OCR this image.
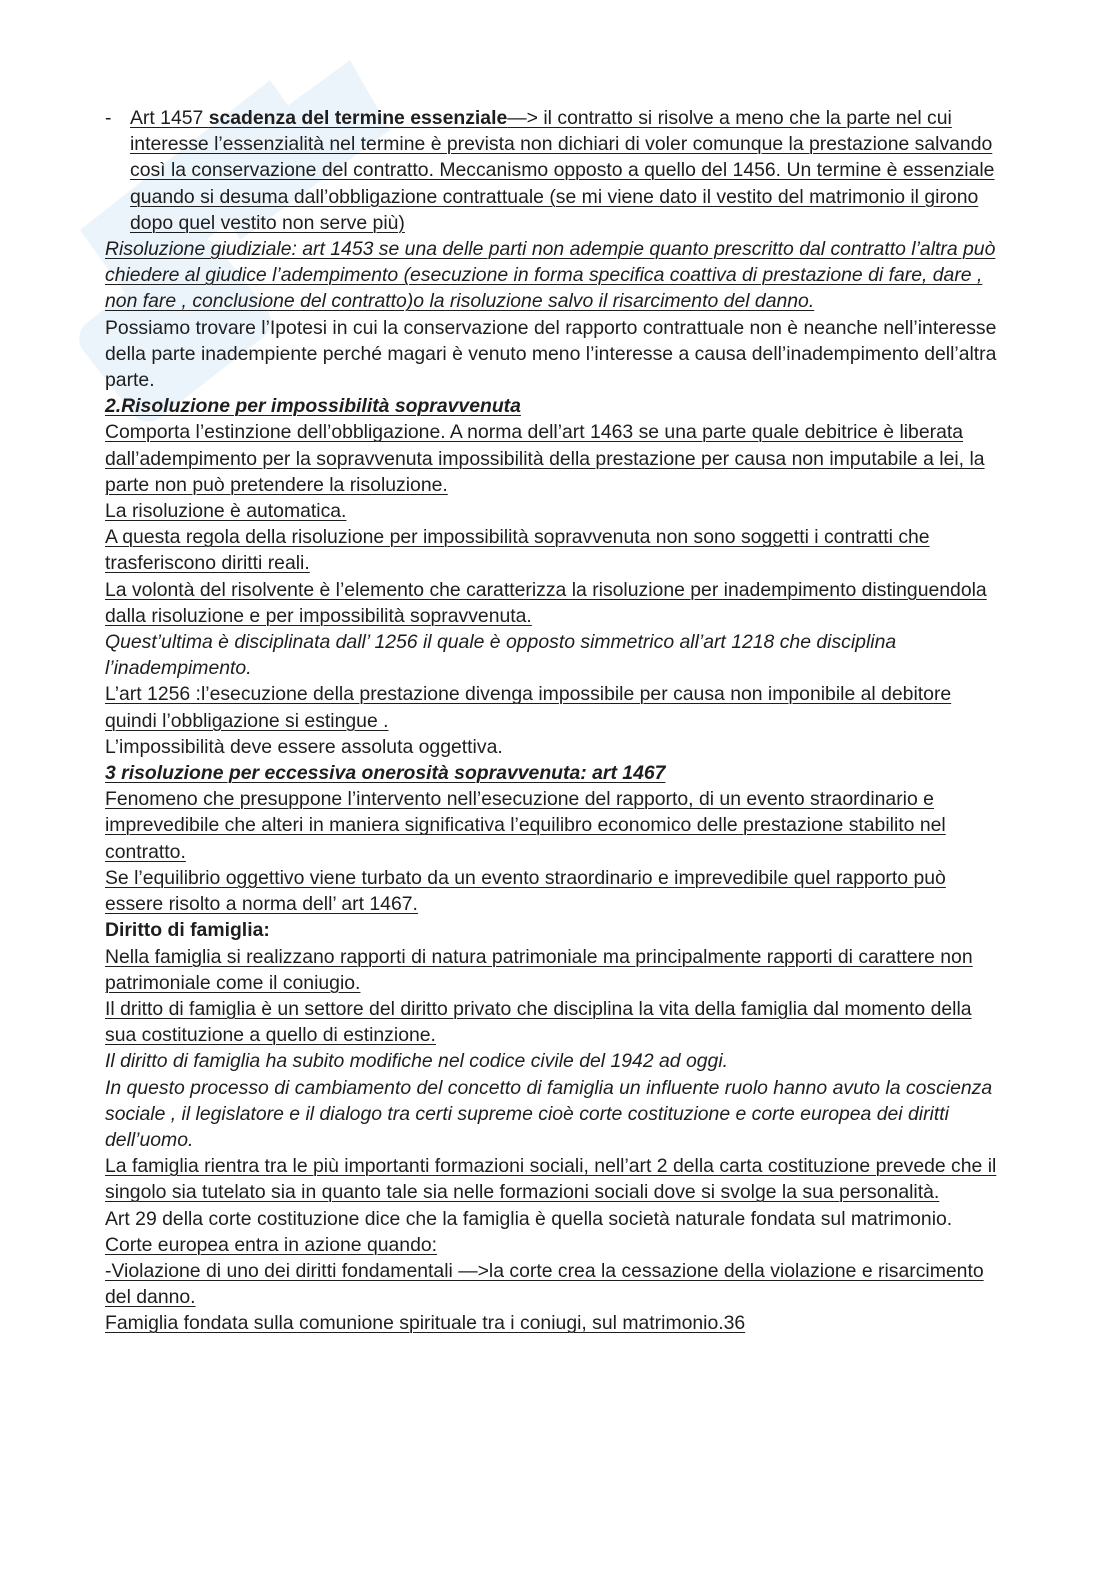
- Art 1457 scadenza del termine essenziale—> il contratto si risolve a meno che la parte nel cui interesse l’essenzialità nel termine è prevista non dichiari di voler comunque la prestazione salvando così la conservazione del contratto. Meccanismo opposto a quello del 1456. Un termine è essenziale quando si desuma dall’obbligazione contrattuale (se mi viene dato il vestito del matrimonio il girono dopo quel vestito non serve più)
Risoluzione giudiziale: art 1453 se una delle parti non adempie quanto prescritto dal contratto l’altra può chiedere al giudice l’adempimento (esecuzione in forma specifica coattiva di prestazione di fare, dare , non fare , conclusione del contratto)o la risoluzione salvo il risarcimento del danno.
Possiamo trovare l’Ipotesi in cui la conservazione del rapporto contrattuale non è neanche nell’interesse della parte inadempiente perché magari è venuto meno l’interesse a causa dell’inadempimento dell’altra parte.
2.Risoluzione per impossibilità sopravvenuta
Comporta l’estinzione dell’obbligazione. A norma dell’art 1463 se una parte quale debitrice è liberata dall’adempimento per la sopravvenuta impossibilità della prestazione per causa non imputabile a lei, la parte non può pretendere la risoluzione.
La risoluzione è automatica.
A questa regola della risoluzione per impossibilità sopravvenuta non sono soggetti i contratti che trasferiscono diritti reali.
La volontà del risolvente è l’elemento che caratterizza la risoluzione per inadempimento distinguendola dalla risoluzione e per impossibilità sopravvenuta.
Quest’ultima è disciplinata dall’ 1256 il quale è opposto simmetrico all’art 1218 che disciplina l’inadempimento.
L’art 1256 :l’esecuzione della prestazione divenga impossibile per causa non imponibile al debitore quindi l’obbligazione si estingue .
L’impossibilità deve essere assoluta oggettiva.
3 risoluzione per eccessiva onerosità sopravvenuta: art 1467
Fenomeno che presuppone l’intervento nell’esecuzione del rapporto, di un evento straordinario e imprevedibile che alteri in maniera significativa l’equilibro economico delle prestazione stabilito nel contratto.
Se l’equilibrio oggettivo viene turbato da un evento straordinario e imprevedibile quel rapporto può essere risolto a norma dell’ art 1467.
Diritto di famiglia:
Nella famiglia si realizzano rapporti di natura patrimoniale ma principalmente rapporti di carattere non patrimoniale come il coniugio.
Il dritto di famiglia è un settore del diritto privato che disciplina la vita della famiglia dal momento della sua costituzione a quello di estinzione.
Il diritto di famiglia ha subito modifiche nel codice civile del 1942 ad oggi.
In questo processo di cambiamento del concetto di famiglia un influente ruolo hanno avuto la coscienza sociale , il legislatore e il dialogo tra certi supreme cioè corte costituzione e corte europea dei diritti dell’uomo.
La famiglia rientra tra le più importanti formazioni sociali, nell’art 2 della carta costituzione prevede che il singolo sia tutelato sia in quanto tale sia nelle formazioni sociali dove si svolge la sua personalità.
Art 29 della corte costituzione dice che la famiglia è quella società naturale fondata sul matrimonio.
Corte europea entra in azione quando:
-Violazione di uno dei diritti fondamentali —>la corte crea la cessazione della violazione e risarcimento del danno.
Famiglia fondata sulla comunione spirituale tra i coniugi, sul matrimonio.36
